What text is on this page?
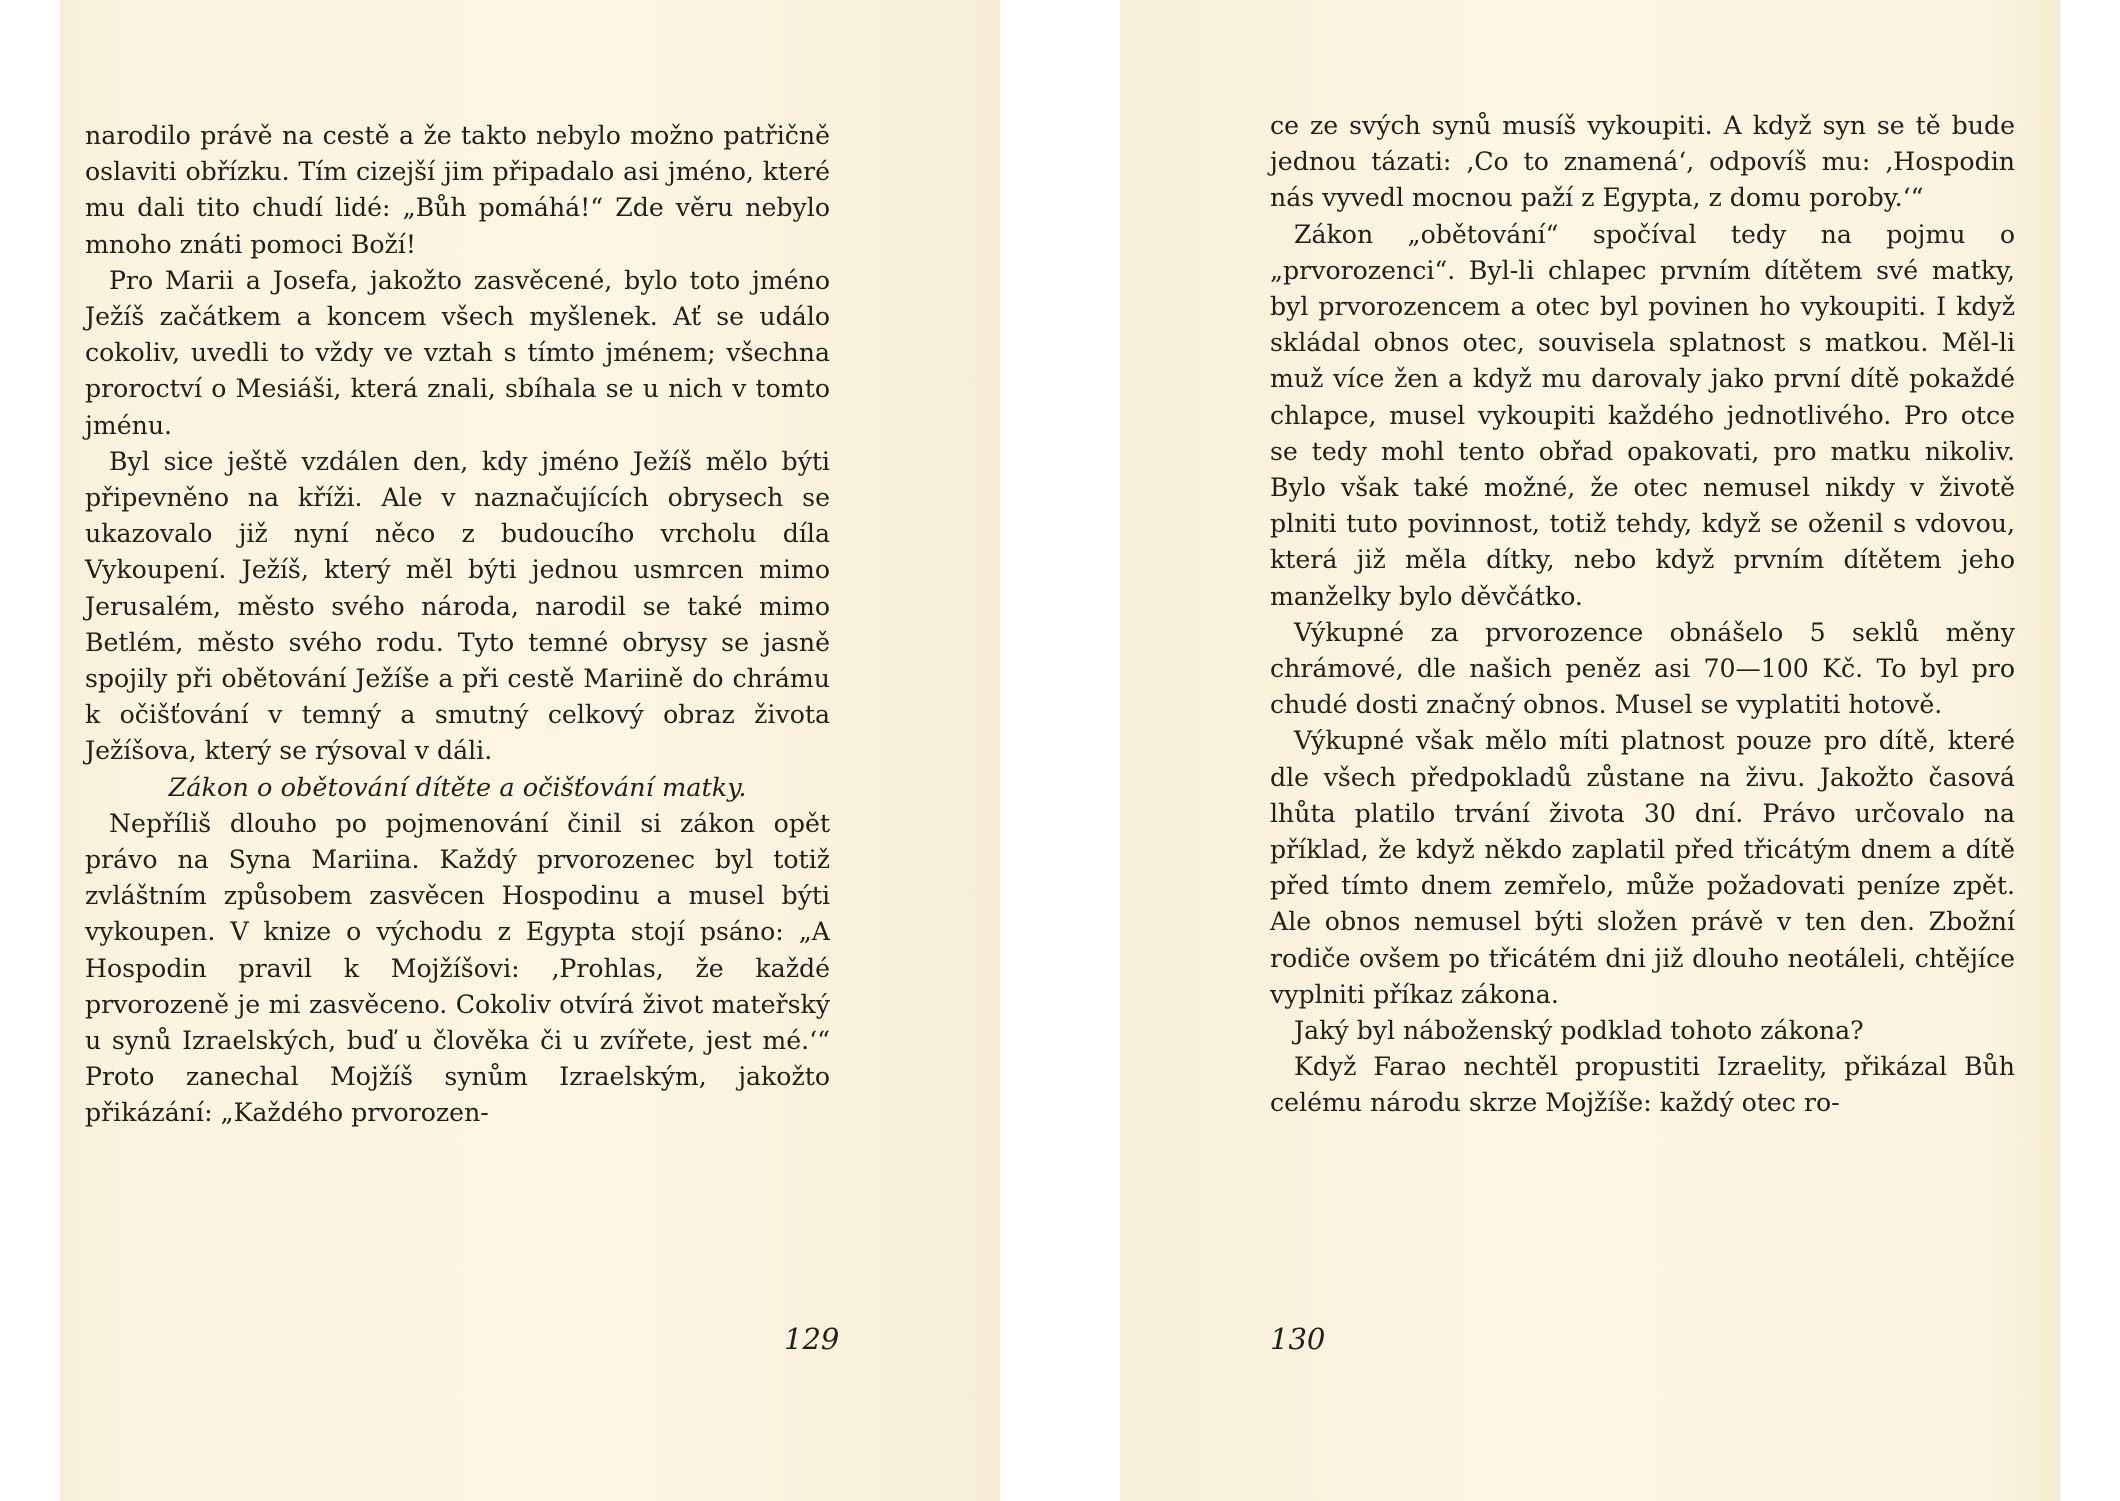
narodilo právě na cestě a že takto nebylo možno patřičně oslaviti obřízku. Tím cizejší jim připadalo asi jméno, které mu dali tito chudí lidé: „Bůh pomáhá!“ Zde věru nebylo mnoho znáti pomoci Boží!

Pro Marii a Josefa, jakožto zasvěcené, bylo toto jméno Ježíš začátkem a koncem všech myšlenek. Ať se událo cokoliv, uvedli to vždy ve vztah s tímto jménem; všechna proroctví o Mesiáši, která znali, sbíhala se u nich v tomto jménu.

Byl sice ještě vzdálen den, kdy jméno Ježíš mělo býti připevněno na kříži. Ale v naznačujících obrysech se ukazovalo již nyní něco z budoucího vrcholu díla Vykoupení. Ježíš, který měl býti jednou usmrcen mimo Jerusalém, město svého národa, narodil se také mimo Betlém, město svého rodu. Tyto temné obrysy se jasně spojily při obětování Ježíše a při cestě Mariině do chrámu k očišťování v temný a smutný celkový obraz života Ježíšova, který se rýsoval v dáli.

Zákon o obětování dítěte a očišťování matky.

Nepříliš dlouho po pojmenování činil si zákon opět právo na Syna Mariina. Každý prvorozenec byl totiž zvláštním způsobem zasvěcen Hospodinu a musel býti vykoupen. V knize o východu z Egypta stojí psáno: „A Hospodin pravil k Mojžíšovi: ‚Prohlas, že každé prvorozeně je mi zasvěceno. Cokoliv otvírá život mateřský u synů Izraelských, buď u člověka či u zvířete, jest mé.‘“ Proto zanechal Mojžíš synům Izraelským, jakožto přikázání: „Každého prvorozen-

129

ce ze svých synů musíš vykoupiti. A když syn se tě bude jednou tázati: ‚Co to znamená‘, odpovíš mu: ‚Hospodin nás vyvedl mocnou paží z Egypta, z domu poroby.‘“

Zákon „obětování“ spočíval tedy na pojmu o „prvorozenci“. Byl-li chlapec prvním dítětem své matky, byl prvorozencem a otec byl povinen ho vykoupiti. I když skládal obnos otec, souvisela splatnost s matkou. Měl-li muž více žen a když mu darovaly jako první dítě pokaždé chlapce, musel vykoupiti každého jednotlivého. Pro otce se tedy mohl tento obřad opakovati, pro matku nikoliv. Bylo však také možné, že otec nemusel nikdy v životě plniti tuto povinnost, totiž tehdy, když se oženil s vdovou, která již měla dítky, nebo když prvním dítětem jeho manželky bylo děvčátko.

Výkupné za prvorozence obnášelo 5 seklů měny chrámové, dle našich peněz asi 70—100 Kč. To byl pro chudé dosti značný obnos. Musel se vyplatiti hotově.

Výkupné však mělo míti platnost pouze pro dítě, které dle všech předpokladů zůstane na živu. Jakožto časová lhůta platilo trvání života 30 dní. Právo určovalo na příklad, že když někdo zaplatil před třicátým dnem a dítě před tímto dnem zemřelo, může požadovati peníze zpět. Ale obnos nemusel býti složen právě v ten den. Zbožní rodiče ovšem po třicátém dni již dlouho neotáleli, chtějíce vyplniti příkaz zákona.

Jaký byl náboženský podklad tohoto zákona?

Když Farao nechtěl propustiti Izraelity, přikázal Bůh celému národu skrze Mojžíše: každý otec ro-

130
